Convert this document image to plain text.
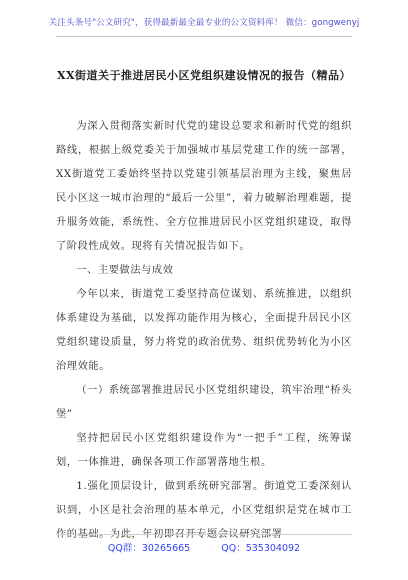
关注头条号"公文研究"，获得最新最全最专业的公文资料库！ 微信：gongwenyj
XX街道关于推进居民小区党组织建设情况的报告（精品）

为深入贯彻落实新时代党的建设总要求和新时代党的组织路线，根据上级党委关于加强城市基层党建工作的统一部署，XX街道党工委始终坚持以党建引领基层治理为主线，聚焦居民小区这一城市治理的“最后一公里”，着力破解治理难题，提升服务效能，系统性、全方位推进居民小区党组织建设，取得了阶段性成效。现将有关情况报告如下。

一、主要做法与成效

今年以来，街道党工委坚持高位谋划、系统推进，以组织体系建设为基础，以发挥功能作用为核心，全面提升居民小区党组织建设质量，努力将党的政治优势、组织优势转化为小区治理效能。

（一）系统部署推进居民小区党组织建设，筑牢治理“桥头堡”

坚持把居民小区党组织建设作为“一把手”工程，统筹谋划，一体推进，确保各项工作部署落地生根。

1.强化顶层设计，做到系统研究部署。街道党工委深刻认识到，小区是社会治理的基本单元，小区党组织是党在城市工作的基础。为此，年初即召开专题会议研究部署

QQ群：30265665	QQ：535304092
